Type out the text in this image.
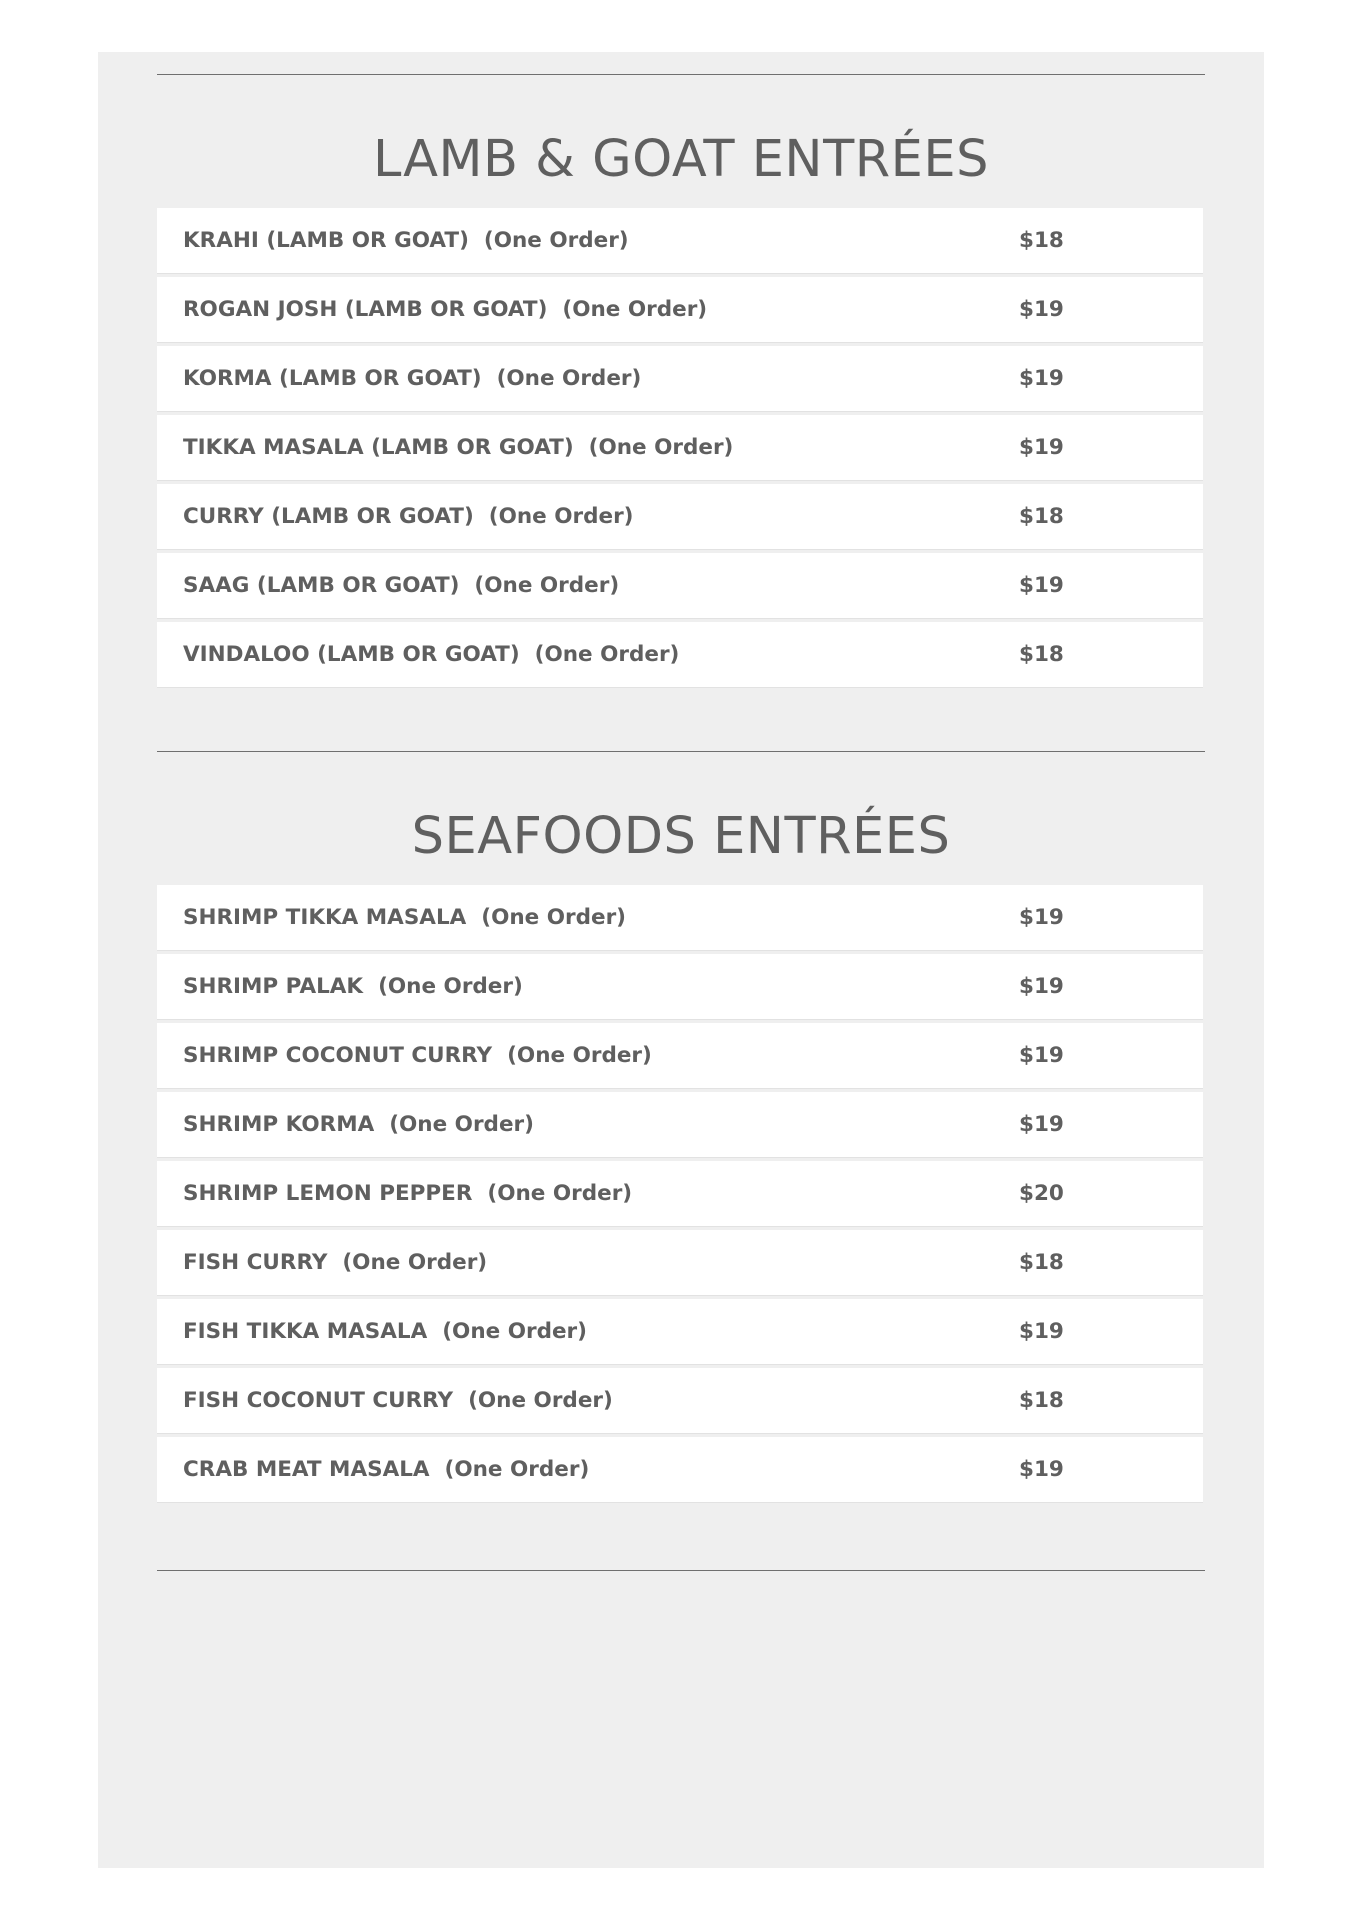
LAMB & GOAT ENTRÉES
KRAHI (LAMB OR GOAT)  (One Order)	$18
ROGAN JOSH (LAMB OR GOAT)  (One Order)	$19
KORMA (LAMB OR GOAT)  (One Order)	$19
TIKKA MASALA (LAMB OR GOAT)  (One Order)	$19
CURRY (LAMB OR GOAT)  (One Order)	$18
SAAG (LAMB OR GOAT)  (One Order)	$19
VINDALOO (LAMB OR GOAT)  (One Order)	$18
SEAFOODS ENTRÉES
SHRIMP TIKKA MASALA  (One Order)	$19
SHRIMP PALAK  (One Order)	$19
SHRIMP COCONUT CURRY  (One Order)	$19
SHRIMP KORMA  (One Order)	$19
SHRIMP LEMON PEPPER  (One Order)	$20
FISH CURRY  (One Order)	$18
FISH TIKKA MASALA  (One Order)	$19
FISH COCONUT CURRY  (One Order)	$18
CRAB MEAT MASALA  (One Order)	$19
